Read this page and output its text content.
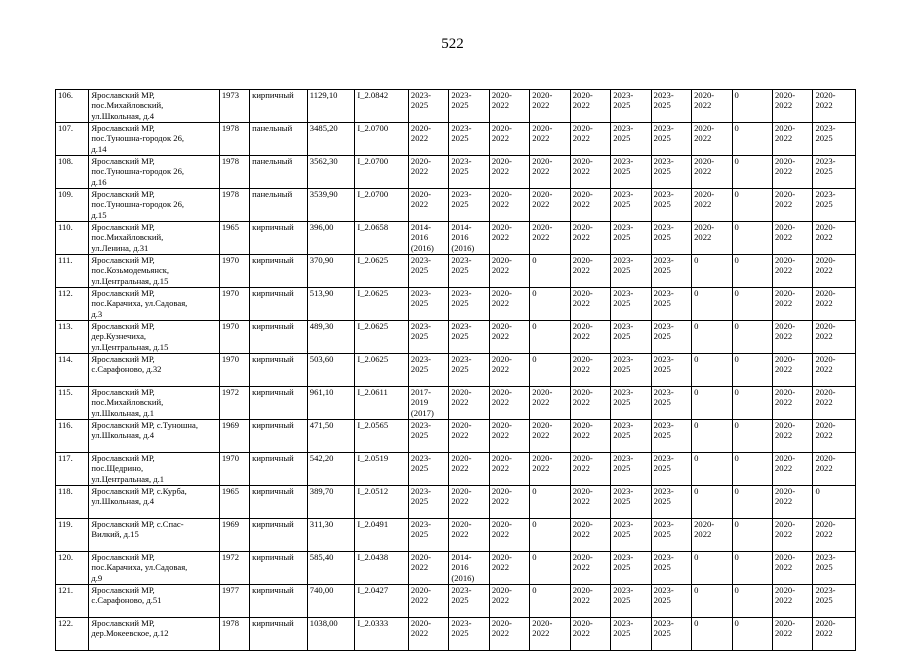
522
106.	Ярославский МР,
пос.Михайловский,
ул.Школьная, д.4	1973	кирпичный	1129,10	I_2.0842	2023-
2025	2023-
2025	2020-
2022	2020-
2022	2020-
2022	2023-
2025	2023-
2025	2020-
2022	0	2020-
2022	2020-
2022
107.	Ярославский МР,
пос.Туношна-городок 26,
д.14	1978	панельный	3485,20	I_2.0700	2020-
2022	2023-
2025	2020-
2022	2020-
2022	2020-
2022	2023-
2025	2023-
2025	2020-
2022	0	2020-
2022	2023-
2025
108.	Ярославский МР,
пос.Туношна-городок 26,
д.16	1978	панельный	3562,30	I_2.0700	2020-
2022	2023-
2025	2020-
2022	2020-
2022	2020-
2022	2023-
2025	2023-
2025	2020-
2022	0	2020-
2022	2023-
2025
109.	Ярославский МР,
пос.Туношна-городок 26,
д.15	1978	панельный	3539,90	I_2.0700	2020-
2022	2023-
2025	2020-
2022	2020-
2022	2020-
2022	2023-
2025	2023-
2025	2020-
2022	0	2020-
2022	2023-
2025
110.	Ярославский МР,
пос.Михайловский,
ул.Ленина, д.31	1965	кирпичный	396,00	I_2.0658	2014-
2016
(2016)	2014-
2016
(2016)	2020-
2022	2020-
2022	2020-
2022	2023-
2025	2023-
2025	2020-
2022	0	2020-
2022	2020-
2022
111.	Ярославский МР,
пос.Козьмодемьянск,
ул.Центральная, д.15	1970	кирпичный	370,90	I_2.0625	2023-
2025	2023-
2025	2020-
2022	0	2020-
2022	2023-
2025	2023-
2025	0	0	2020-
2022	2020-
2022
112.	Ярославский МР,
пос.Карачиха, ул.Садовая,
д.3	1970	кирпичный	513,90	I_2.0625	2023-
2025	2023-
2025	2020-
2022	0	2020-
2022	2023-
2025	2023-
2025	0	0	2020-
2022	2020-
2022
113.	Ярославский МР,
дер.Кузнечиха,
ул.Центральная, д.15	1970	кирпичный	489,30	I_2.0625	2023-
2025	2023-
2025	2020-
2022	0	2020-
2022	2023-
2025	2023-
2025	0	0	2020-
2022	2020-
2022
114.	Ярославский МР,
с.Сарафоново, д.32	1970	кирпичный	503,60	I_2.0625	2023-
2025	2023-
2025	2020-
2022	0	2020-
2022	2023-
2025	2023-
2025	0	0	2020-
2022	2020-
2022
115.	Ярославский МР,
пос.Михайловский,
ул.Школьная, д.1	1972	кирпичный	961,10	I_2.0611	2017-
2019
(2017)	2020-
2022	2020-
2022	2020-
2022	2020-
2022	2023-
2025	2023-
2025	0	0	2020-
2022	2020-
2022
116.	Ярославский МР, с.Туношна,
ул.Школьная, д.4	1969	кирпичный	471,50	I_2.0565	2023-
2025	2020-
2022	2020-
2022	2020-
2022	2020-
2022	2023-
2025	2023-
2025	0	0	2020-
2022	2020-
2022
117.	Ярославский МР,
пос.Щедрино,
ул.Центральная, д.1	1970	кирпичный	542,20	I_2.0519	2023-
2025	2020-
2022	2020-
2022	2020-
2022	2020-
2022	2023-
2025	2023-
2025	0	0	2020-
2022	2020-
2022
118.	Ярославский МР, с.Курба,
ул.Школьная, д.4	1965	кирпичный	389,70	I_2.0512	2023-
2025	2020-
2022	2020-
2022	0	2020-
2022	2023-
2025	2023-
2025	0	0	2020-
2022	0
119.	Ярославский МР, с.Спас-
Вилкий, д.15	1969	кирпичный	311,30	I_2.0491	2023-
2025	2020-
2022	2020-
2022	0	2020-
2022	2023-
2025	2023-
2025	2020-
2022	0	2020-
2022	2020-
2022
120.	Ярославский МР,
пос.Карачиха, ул.Садовая,
д.9	1972	кирпичный	585,40	I_2.0438	2020-
2022	2014-
2016
(2016)	2020-
2022	0	2020-
2022	2023-
2025	2023-
2025	0	0	2020-
2022	2023-
2025
121.	Ярославский МР,
с.Сарафоново, д.51	1977	кирпичный	740,00	I_2.0427	2020-
2022	2023-
2025	2020-
2022	0	2020-
2022	2023-
2025	2023-
2025	0	0	2020-
2022	2023-
2025
122.	Ярославский МР,
дер.Мокеевское, д.12	1978	кирпичный	1038,00	I_2.0333	2020-
2022	2023-
2025	2020-
2022	2020-
2022	2020-
2022	2023-
2025	2023-
2025	0	0	2020-
2022	2020-
2022
